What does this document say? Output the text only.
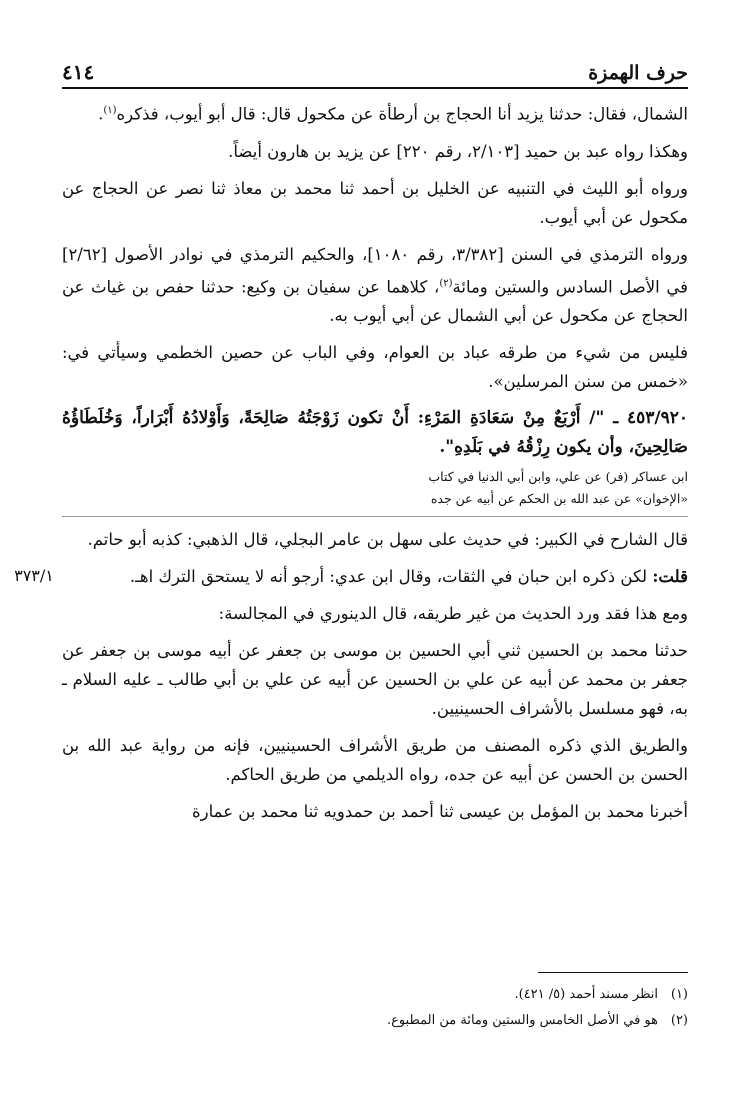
٤١٤	حرف الهمزة
٣٧٣/١

الشمال، فقال: حدثنا يزيد أنا الحجاج بن أرطأة عن مكحول قال: قال أبو أيوب، فذكره$^{(١)}$.

وهكذا رواه عبد بن حميد [٢/١٠٣، رقم ٢٢٠] عن يزيد بن هارون أيضاً.

ورواه أبو الليث في التنبيه عن الخليل بن أحمد ثنا محمد بن معاذ ثنا نصر عن الحجاج عن مكحول عن أبي أيوب.

ورواه الترمذي في السنن [٣/٣٨٢، رقم ١٠٨٠]، والحكيم الترمذي في نوادر الأصول [٢/٦٢] في الأصل السادس والستين ومائة$^{(٢)}$، كلاهما عن سفيان بن وكيع: حدثنا حفص بن غياث عن الحجاج عن مكحول عن أبي الشمال عن أبي أيوب به.

فليس من شيء من طرقه عباد بن العوام، وفي الباب عن حصين الخطمي وسيأتي في: «خمس من سنن المرسلين».

٤٥٣/٩٢٠ ـ "/ أَرْبَعٌ مِنْ سَعَادَةِ المَرْءِ: أَنْ تكون زَوْجَتُهُ صَالِحَةً، وَأَوْلادُهُ أَبْرَاراً، وَخُلَطَاؤُهُ صَالِحِينَ، وأن يكون رِزْقُهُ في بَلَدِهِ".

ابن عساكر (فر) عن علي، وابن أبي الدنيا في كتاب
«الإخوان» عن عبد الله بن الحكم عن أبيه عن جده

قال الشارح في الكبير: في حديث على سهل بن عامر البجلي، قال الذهبي: كذبه أبو حاتم.

قلت: لكن ذكره ابن حبان في الثقات، وقال ابن عدي: أرجو أنه لا يستحق الترك اهـ.

ومع هذا فقد ورد الحديث من غير طريقه، قال الدينوري في المجالسة:

حدثنا محمد بن الحسين ثني أبي الحسين بن موسى بن جعفر عن أبيه موسى بن جعفر عن جعفر بن محمد عن أبيه عن علي بن الحسين عن أبيه عن علي بن أبي طالب ـ عليه السلام ـ به، فهو مسلسل بالأشراف الحسينيين.

والطريق الذي ذكره المصنف من طريق الأشراف الحسينيين، فإنه من رواية عبد الله بن الحسن بن الحسن عن أبيه عن جده، رواه الديلمي من طريق الحاكم.

أخبرنا محمد بن المؤمل بن عيسى ثنا أحمد بن حمدويه ثنا محمد بن عمارة

(١)انظر مسند أحمد (٥/ ٤٢١).
(٢)هو في الأصل الخامس والستين ومائة من المطبوع.
